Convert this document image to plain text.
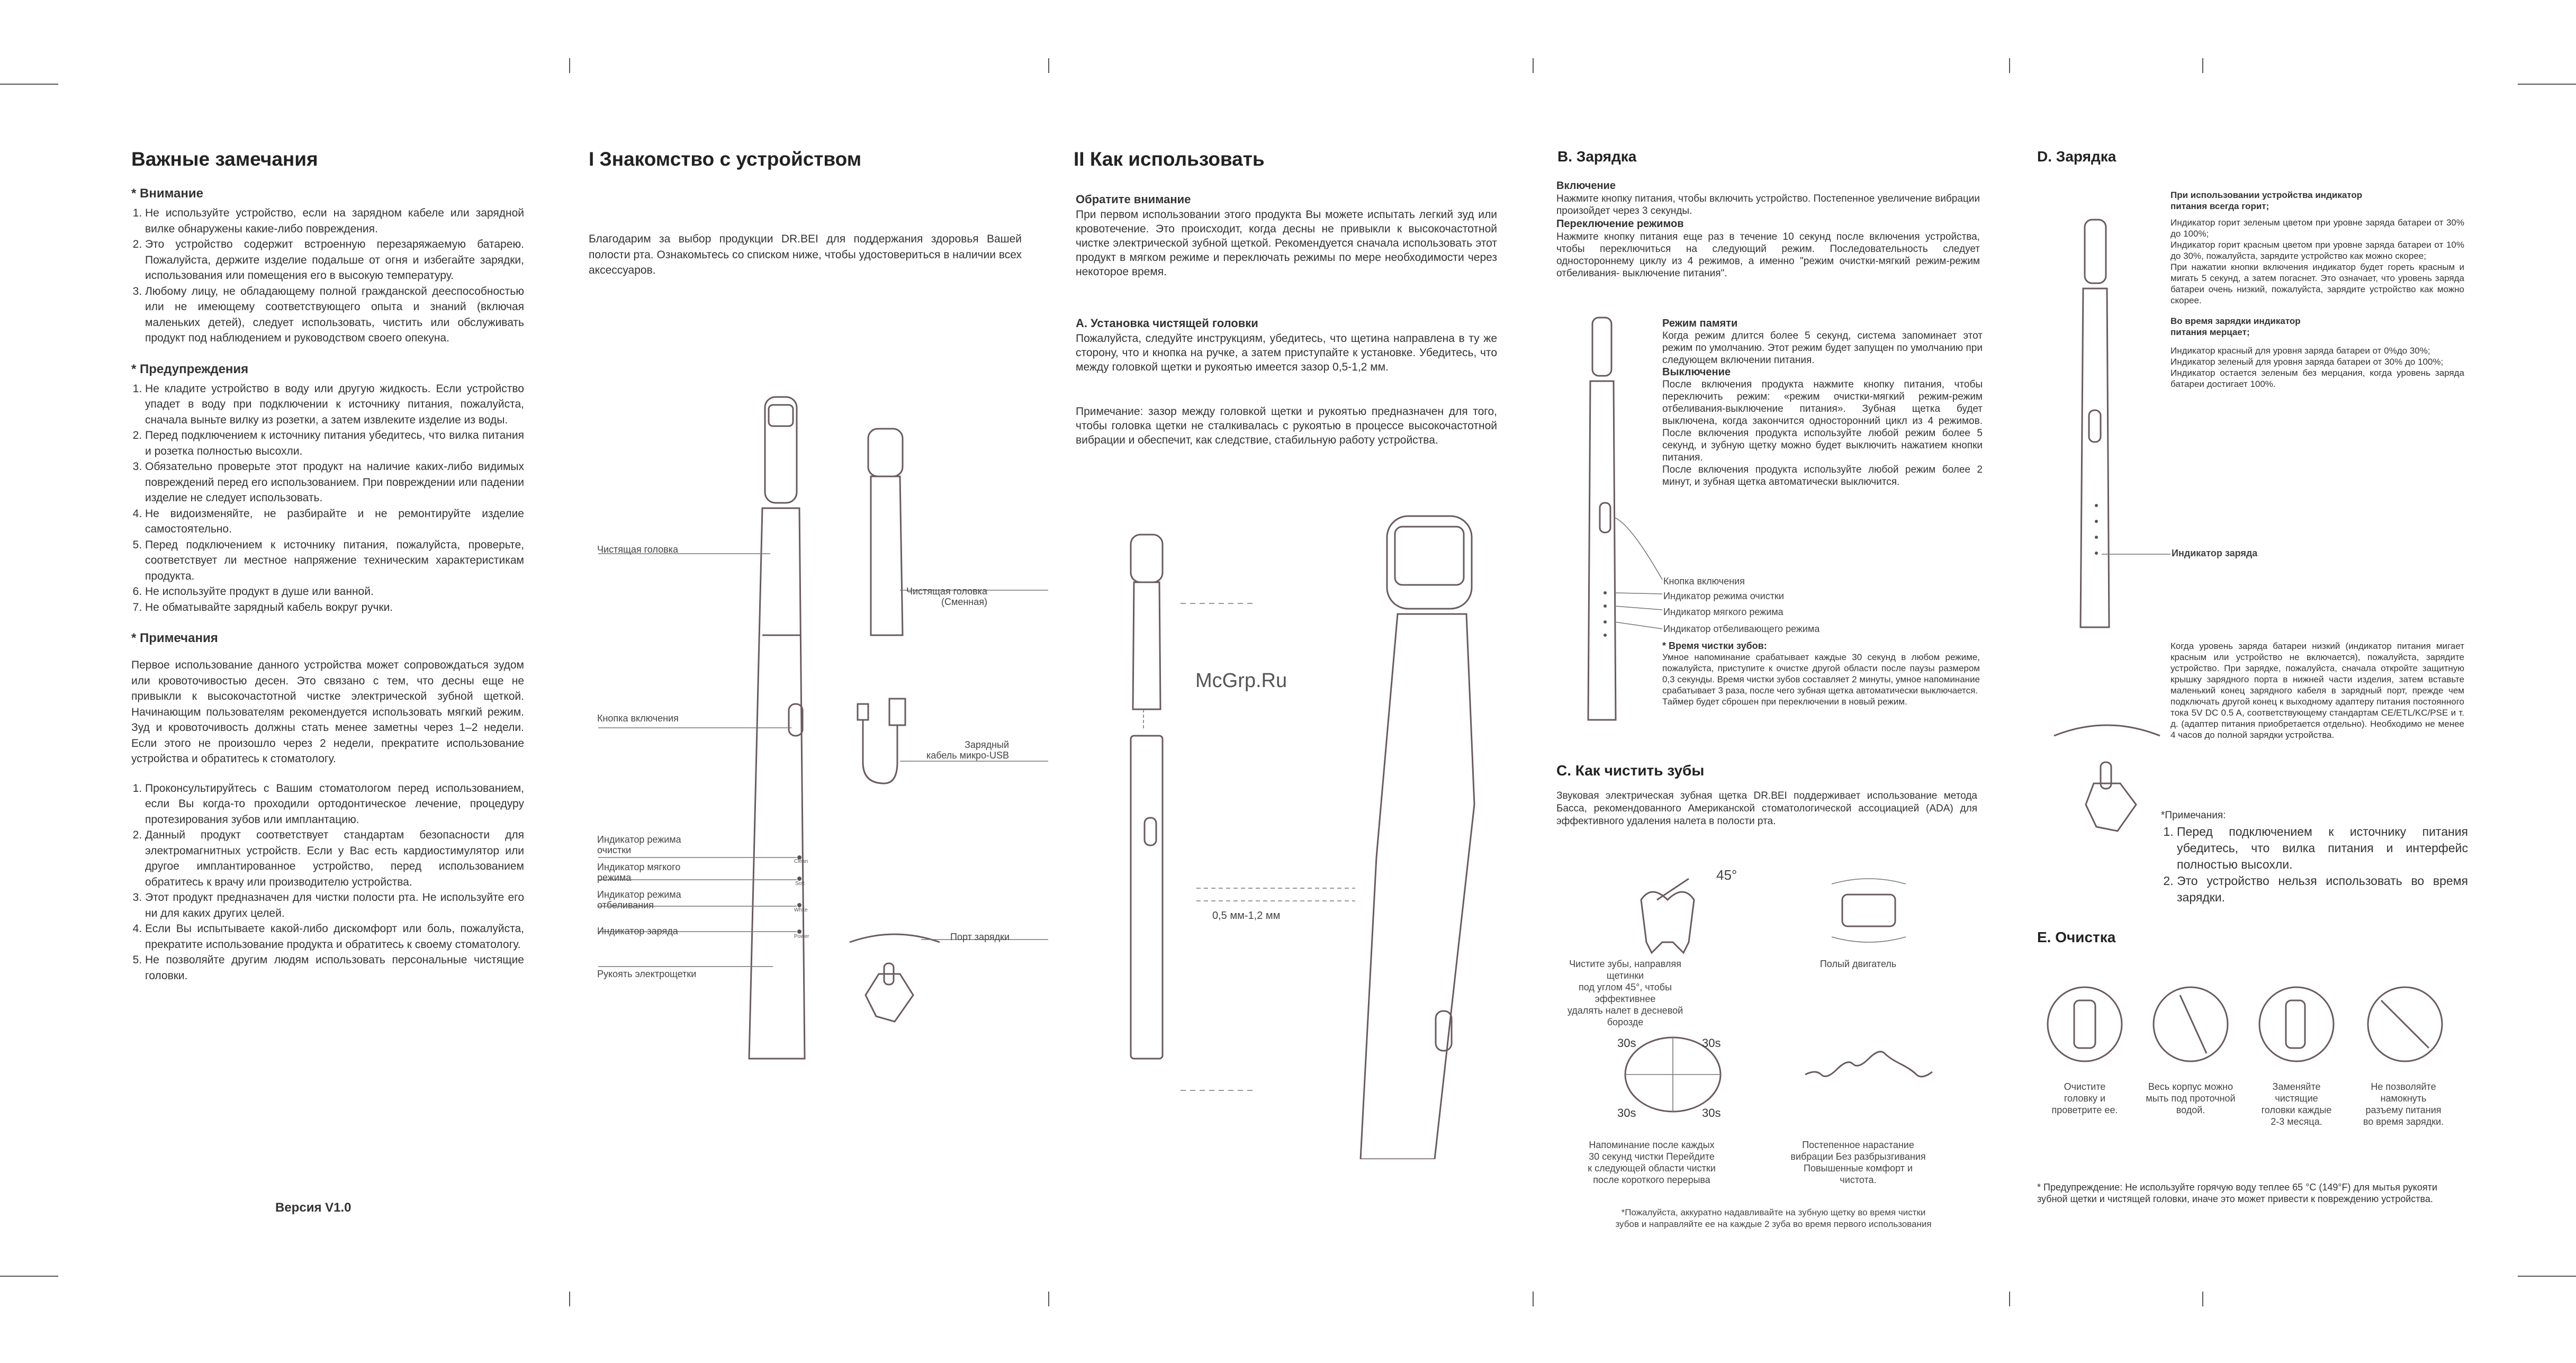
Важные замечания
* Внимание
1. Не используйте устройство, если на зарядном кабеле или зарядной вилке обнаружены какие-либо повреждения.
2. Это устройство содержит встроенную перезаряжаемую батарею. Пожалуйста, держите изделие подальше от огня и избегайте зарядки, использования или помещения его в высокую температуру.
3. Любому лицу, не обладающему полной гражданской дееспособностью или не имеющему соответствующего опыта и знаний (включая маленьких детей), следует использовать, чистить или обслуживать продукт под наблюдением и руководством своего опекуна.
* Предупреждения
1. Не кладите устройство в воду или другую жидкость. Если устройство упадет в воду при подключении к источнику питания, пожалуйста, сначала выньте вилку из розетки, а затем извлеките изделие из воды.
2. Перед подключением к источнику питания убедитесь, что вилка питания и розетка полностью высохли.
3. Обязательно проверьте этот продукт на наличие каких-либо видимых повреждений перед его использованием. При повреждении или падении изделие не следует использовать.
4. Не видоизменяйте, не разбирайте и не ремонтируйте изделие самостоятельно.
5. Перед подключением к источнику питания, пожалуйста, проверьте, соответствует ли местное напряжение техническим характеристикам продукта.
6. Не используйте продукт в душе или ванной.
7. Не обматывайте зарядный кабель вокруг ручки.
* Примечания

Первое использование данного устройства может сопровождаться зудом или кровоточивостью десен. Это связано с тем, что десны еще не привыкли к высокочастотной чистке электрической зубной щеткой. Начинающим пользователям рекомендуется использовать мягкий режим. Зуд и кровоточивость должны стать менее заметны через 1–2 недели. Если этого не произошло через 2 недели, прекратите использование устройства и обратитесь к стоматологу.

1. Проконсультируйтесь с Вашим стоматологом перед использованием, если Вы когда-то проходили ортодонтическое лечение, процедуру протезирования зубов или имплантацию.
2. Данный продукт соответствует стандартам безопасности для электромагнитных устройств. Если у Вас есть кардиостимулятор или другое имплантированное устройство, перед использованием обратитесь к врачу или производителю устройства.
3. Этот продукт предназначен для чистки полости рта. Не используйте его ни для каких других целей.
4. Если Вы испытываете какой-либо дискомфорт или боль, пожалуйста, прекратите использование продукта и обратитесь к своему стоматологу.
5. Не позволяйте другим людям использовать персональные чистящие головки.
Версия V1.0
I Знакомство с устройством

Благодарим за выбор продукции DR.BEI для поддержания здоровья Вашей полости рта. Ознакомьтесь со списком ниже, чтобы удостовериться в наличии всех аксессуаров.

Чистящая головка
Кнопка включения
Индикатор режима
очистки
Индикатор мягкого
режима
Индикатор режима
отбеливания
Индикатор заряда
Рукоять электрощетки
Чистящая головка
(Сменная)
Зарядный
кабель микро-USB
Порт зарядки
Clean
Soft
White
Power
II Как использовать
Обратите внимание

При первом использовании этого продукта Вы можете испытать легкий зуд или кровотечение. Это происходит, когда десны не привыкли к высокочастотной чистке электрической зубной щеткой. Рекомендуется сначала использовать этот продукт в мягком режиме и переключать режимы по мере необходимости через некоторое время.

А. Установка чистящей головки

Пожалуйста, следуйте инструкциям, убедитесь, что щетина направлена в ту же сторону, что и кнопка на ручке, а затем приступайте к установке. Убедитесь, что между головкой щетки и рукоятью имеется зазор 0,5-1,2 мм.

Примечание: зазор между головкой щетки и рукоятью предназначен для того, чтобы головка щетки не сталкивалась с рукоятью в процессе высокочастотной вибрации и обеспечит, как следствие, стабильную работу устройства.

0,5 мм-1,2 мм
McGrp.Ru
B. Зарядка
Включение

Нажмите кнопку питания, чтобы включить устройство. Постепенное увеличение вибрации произойдет через 3 секунды.

Переключение режимов

Нажмите кнопку питания еще раз в течение 10 секунд после включения устройства, чтобы переключиться на следующий режим. Последовательность следует одностороннему циклу из 4 режимов, а именно "режим очистки-мягкий режим-режим отбеливания- выключение питания".

Режим памяти

Когда режим длится более 5 секунд, система запоминает этот режим по умолчанию. Этот режим будет запущен по умолчанию при следующем включении питания.

Выключение

После включения продукта нажмите кнопку питания, чтобы переключить режим: «режим очистки-мягкий режим-режим отбеливания-выключение питания». Зубная щетка будет выключена, когда закончится односторонний цикл из 4 режимов. После включения продукта используйте любой режим более 5 секунд, и зубную щетку можно будет выключить нажатием кнопки питания.
После включения продукта используйте любой режим более 2 минут, и зубная щетка автоматически выключится.

Кнопка включения
Индикатор режима очистки
Индикатор мягкого режима
Индикатор отбеливающего режима
* Время чистки зубов:

Умное напоминание срабатывает каждые 30 секунд в любом режиме, пожалуйста, приступите к очистке другой области после паузы размером 0,3 секунды. Время чистки зубов составляет 2 минуты, умное напоминание срабатывает 3 раза, после чего зубная щетка автоматически выключается.
Таймер будет сброшен при переключении в новый режим.

C. Как чистить зубы

Звуковая электрическая зубная щетка DR.BEI поддерживает использование метода Басса, рекомендованного Американской стоматологической ассоциацией (ADA) для эффективного удаления налета в полости рта.

45°
Чистите зубы, направляя щетинки
под углом 45°, чтобы эффективнее
удалять налет в десневой борозде
Полый двигатель
Напоминание после каждых
30 секунд чистки Перейдите
к следующей области чистки
после короткого перерыва
Постепенное нарастание
вибрации Без разбрызгивания
Повышенные комфорт и
чистота.
30s	30s
30s	30s
*Пожалуйста, аккуратно надавливайте на зубную щетку во время чистки
зубов и направляйте ее на каждые 2 зуба во время первого использования
D. Зарядка
Индикатор заряда
При использовании устройства индикатор
питания всегда горит;

Индикатор горит зеленым цветом при уровне заряда батареи от 30% до 100%;
Индикатор горит красным цветом при уровне заряда батареи от 10% до 30%, пожалуйста, зарядите устройство как можно скорее;
При нажатии кнопки включения индикатор будет гореть красным и мигать 5 секунд, а затем погаснет. Это означает, что уровень заряда батареи очень низкий, пожалуйста, зарядите устройство как можно скорее.

Во время зарядки индикатор
питания мерцает;

Индикатор красный для уровня заряда батареи от 0%до 30%;
Индикатор зеленый для уровня заряда батареи от 30% до 100%;
Индикатор остается зеленым без мерцания, когда уровень заряда батареи достигает 100%.

Когда уровень заряда батареи низкий (индикатор питания мигает красным или устройство не включается), пожалуйста, зарядите устройство. При зарядке, пожалуйста, сначала откройте защитную крышку зарядного порта в нижней части изделия, затем вставьте маленький конец зарядного кабеля в зарядный порт, прежде чем подключать другой конец к выходному адаптеру питания постоянного тока 5V DC 0.5 A, соответствующему стандартам CE/ETL/KC/PSE и т. д. (адаптер питания приобретается отдельно). Необходимо не менее 4 часов до полной зарядки устройства.

*Примечания:
1. Перед подключением к источнику питания убедитесь, что вилка питания и интерфейс полностью высохли.
2. Это устройство нельзя использовать во время зарядки.
E. Очистка
Очистите
головку и
проветрите ее.
Весь корпус можно
мыть под проточной
водой.
Заменяйте
чистящие
головки каждые
2-3 месяца.
Не позволяйте
намокнуть
разъему питания
во время зарядки.
* Предупреждение: Не используйте горячую воду теплее 65 °C (149°F) для мытья рукояти зубной щетки и чистящей головки, иначе это может привести к повреждению устройства.
